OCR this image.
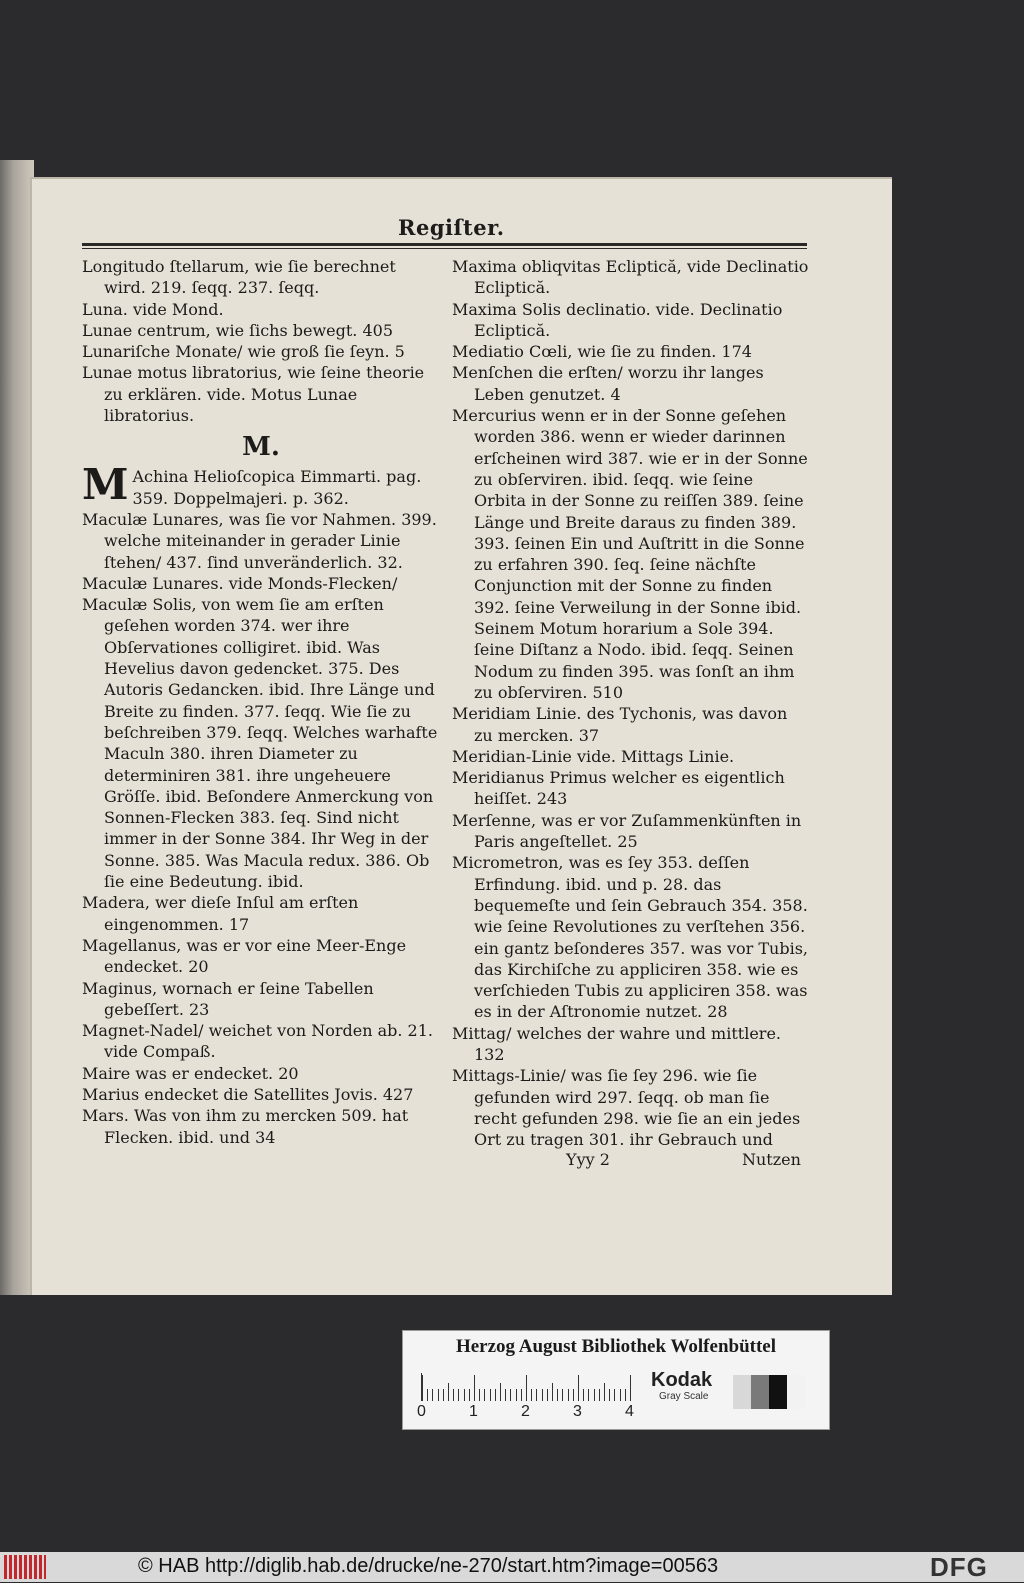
Regiſter.

Longitudo ſtellarum, wie ſie berechnet wird. 219. ſeqq. 237. ſeqq.

Luna. vide Mond.

Lunae centrum, wie ſichs bewegt. 405

Lunariſche Monate/ wie groß ſie ſeyn. 5

Lunae motus libratorius, wie ſeine theorie zu erklären. vide. Motus Lunae libratorius.

M.

M Achina Helioſcopica Eimmarti. pag. 359. Doppelmajeri. p. 362.

Maculæ Lunares, was ſie vor Nahmen. 399. welche miteinander in gerader Linie ſtehen/ 437. ſind unveränderlich. 32.

Maculæ Lunares. vide Monds-Flecken/

Maculæ Solis, von wem ſie am erſten geſehen worden 374. wer ihre Obſervationes colligiret. ibid. Was Hevelius davon gedencket. 375. Des Autoris Gedancken. ibid. Ihre Länge und Breite zu finden. 377. ſeqq. Wie ſie zu beſchreiben 379. ſeqq. Welches warhafte Maculn 380. ihren Diameter zu determiniren 381. ihre ungeheuere Gröſſe. ibid. Beſondere Anmerckung von Sonnen-Flecken 383. ſeq. Sind nicht immer in der Sonne 384. Ihr Weg in der Sonne. 385. Was Macula redux. 386. Ob ſie eine Bedeutung. ibid.

Madera, wer dieſe Inſul am erſten eingenommen. 17

Magellanus, was er vor eine Meer-Enge endecket. 20

Maginus, wornach er ſeine Tabellen gebeſſert. 23

Magnet-Nadel/ weichet von Norden ab. 21. vide Compaß.

Maire was er endecket. 20

Marius endecket die Satellites Jovis. 427

Mars. Was von ihm zu mercken 509. hat Flecken. ibid. und 34

Maxima obliqvitas Ecliptică, vide Declinatio Ecliptică.

Maxima Solis declinatio. vide. Declinatio Ecliptică.

Mediatio Cœli, wie ſie zu finden. 174

Menſchen die erſten/ worzu ihr langes Leben genutzet. 4

Mercurius wenn er in der Sonne geſehen worden 386. wenn er wieder darinnen erſcheinen wird 387. wie er in der Sonne zu obſerviren. ibid. ſeqq. wie ſeine Orbita in der Sonne zu reiſſen 389. ſeine Länge und Breite daraus zu finden 389. 393. ſeinen Ein und Auſtritt in die Sonne zu erfahren 390. ſeq. ſeine nächſte Conjunction mit der Sonne zu finden 392. ſeine Verweilung in der Sonne ibid. Seinem Motum horarium a Sole 394. ſeine Diſtanz a Nodo. ibid. ſeqq. Seinen Nodum zu finden 395. was ſonſt an ihm zu obſerviren. 510

Meridiam Linie. des Tychonis, was davon zu mercken. 37

Meridian-Linie vide. Mittags Linie.

Meridianus Primus welcher es eigentlich heiſſet. 243

Merſenne, was er vor Zuſammenkünften in Paris angeſtellet. 25

Micrometron, was es ſey 353. deſſen Erfindung. ibid. und p. 28. das bequemeſte und ſein Gebrauch 354. 358. wie ſeine Revolutiones zu verſtehen 356. ein gantz beſonderes 357. was vor Tubis, das Kirchiſche zu appliciren 358. wie es verſchieden Tubis zu appliciren 358. was es in der Aſtronomie nutzet. 28

Mittag/ welches der wahre und mittlere. 132

Mittags-Linie/ was ſie ſey 296. wie ſie gefunden wird 297. ſeqq. ob man ſie recht gefunden 298. wie ſie an ein jedes Ort zu tragen 301. ihr Gebrauch und

Yyy 2	Nutzen
Herzog August Bibliothek Wolfenbüttel
0	1	2	3	4
Kodak
Gray Scale
© HAB http://diglib.hab.de/drucke/ne-270/start.htm?image=00563	DFG
